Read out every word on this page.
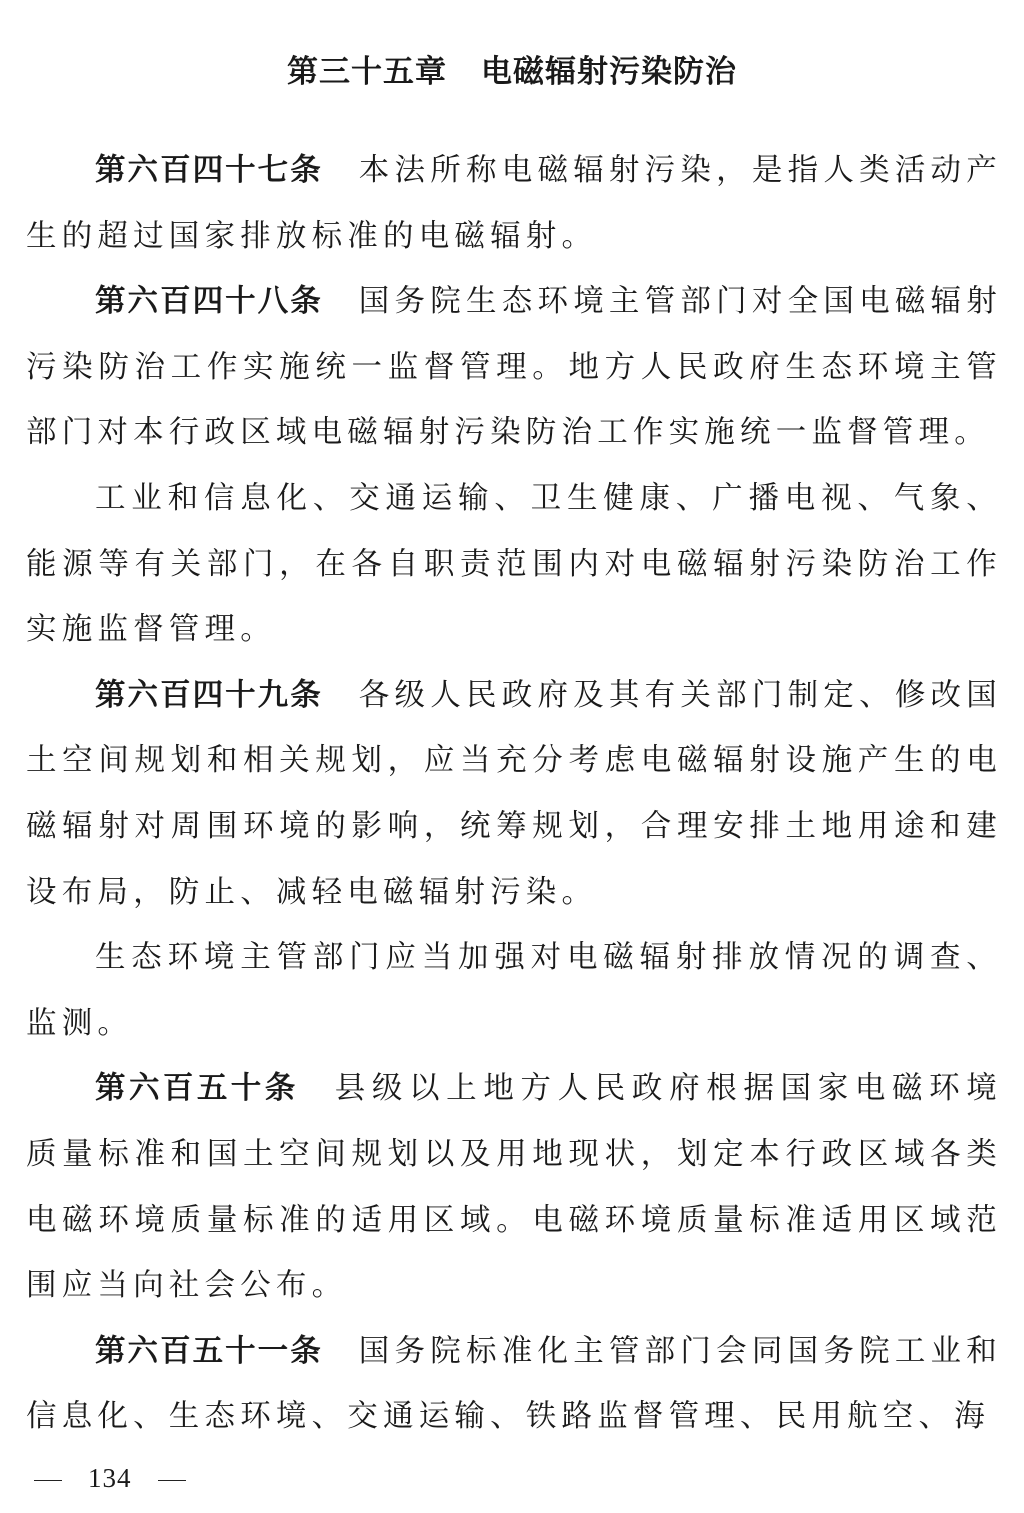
第三十五章 电磁辐射污染防治

第六百四十七条 本法所称电磁辐射污染，是指人类活动产生的超过国家排放标准的电磁辐射。

第六百四十八条 国务院生态环境主管部门对全国电磁辐射污染防治工作实施统一监督管理。地方人民政府生态环境主管部门对本行政区域电磁辐射污染防治工作实施统一监督管理。

工业和信息化、交通运输、卫生健康、广播电视、气象、能源等有关部门，在各自职责范围内对电磁辐射污染防治工作实施监督管理。

第六百四十九条 各级人民政府及其有关部门制定、修改国土空间规划和相关规划，应当充分考虑电磁辐射设施产生的电磁辐射对周围环境的影响，统筹规划，合理安排土地用途和建设布局，防止、减轻电磁辐射污染。

生态环境主管部门应当加强对电磁辐射排放情况的调查、监测。

第六百五十条 县级以上地方人民政府根据国家电磁环境质量标准和国土空间规划以及用地现状，划定本行政区域各类电磁环境质量标准的适用区域。电磁环境质量标准适用区域范围应当向社会公布。

第六百五十一条 国务院标准化主管部门会同国务院工业和信息化、生态环境、交通运输、铁路监督管理、民用航空、海

134
